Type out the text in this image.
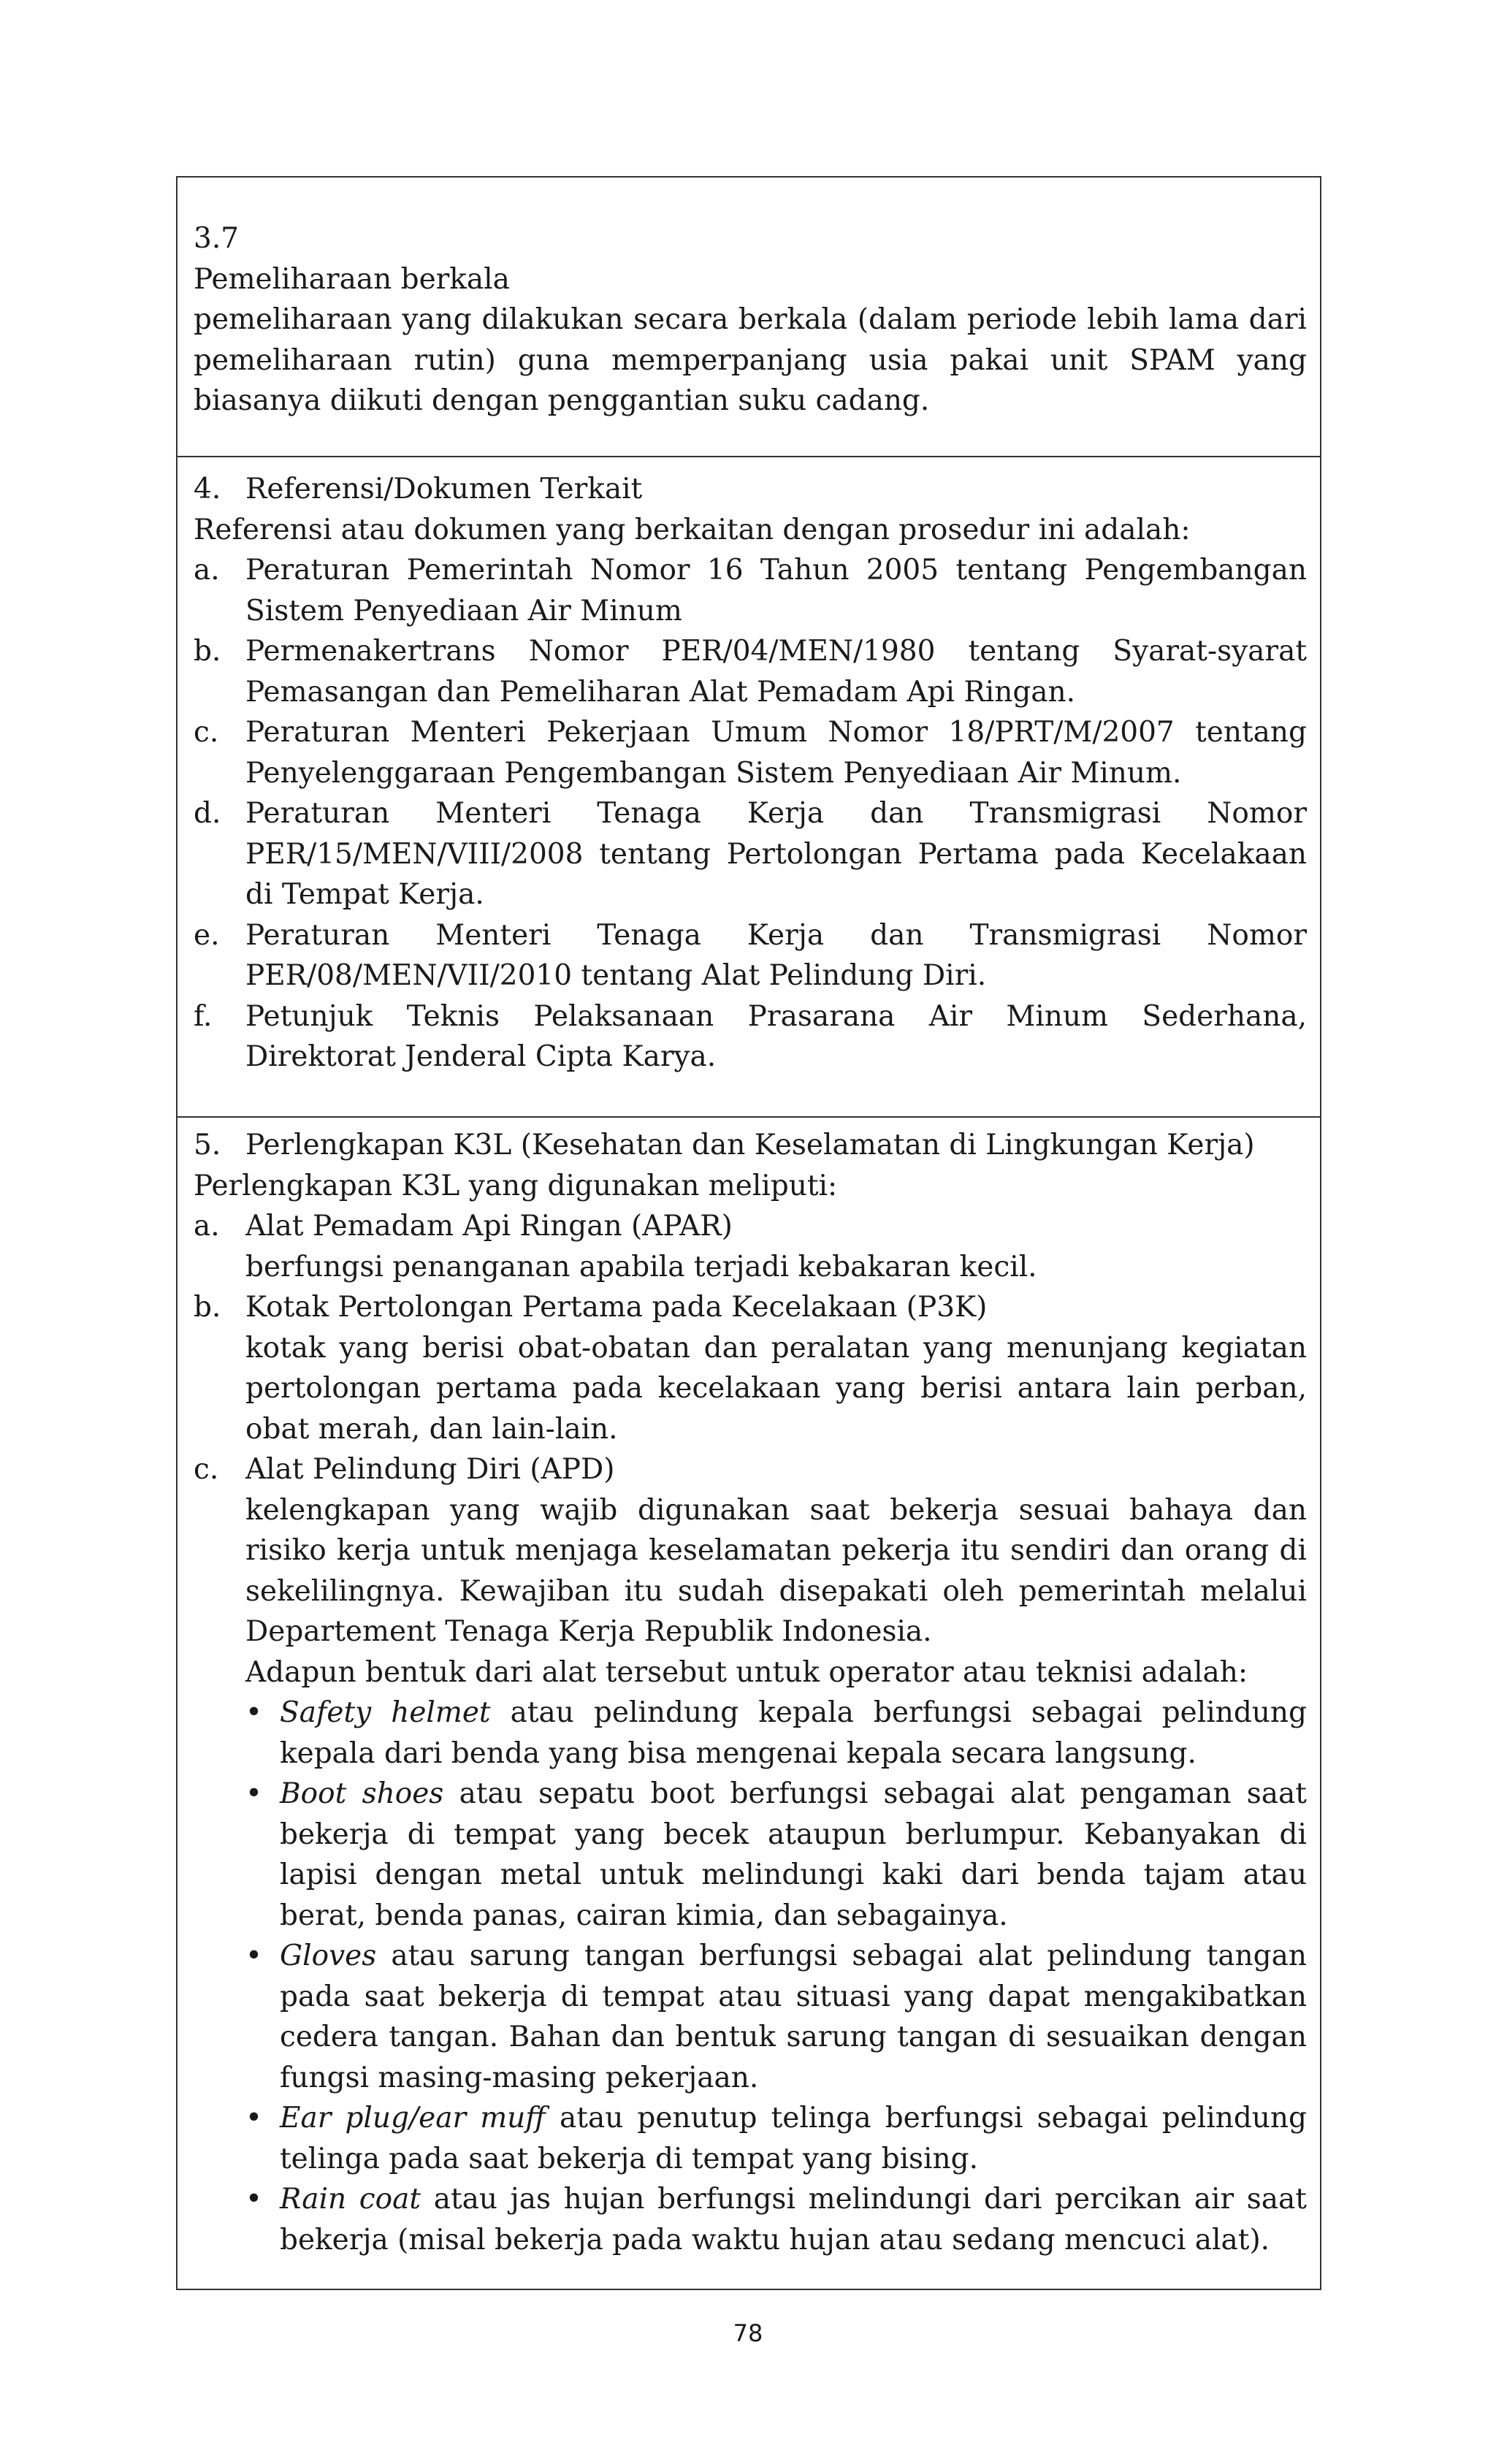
3.7

Pemeliharaan berkala

pemeliharaan yang dilakukan secara berkala (dalam periode lebih lama dari pemeliharaan rutin) guna memperpanjang usia pakai unit SPAM yang biasanya diikuti dengan penggantian suku cadang.

4. Referensi/Dokumen Terkait

Referensi atau dokumen yang berkaitan dengan prosedur ini adalah:

a. Peraturan Pemerintah Nomor 16 Tahun 2005 tentang Pengembangan Sistem Penyediaan Air Minum
b. Permenakertrans Nomor PER/04/MEN/1980 tentang Syarat-syarat Pemasangan dan Pemeliharan Alat Pemadam Api Ringan.
c. Peraturan Menteri Pekerjaan Umum Nomor 18/PRT/M/2007 tentang Penyelenggaraan Pengembangan Sistem Penyediaan Air Minum.
d. Peraturan Menteri Tenaga Kerja dan Transmigrasi Nomor PER/15/MEN/VIII/2008 tentang Pertolongan Pertama pada Kecelakaan di Tempat Kerja.
e. Peraturan Menteri Tenaga Kerja dan Transmigrasi Nomor PER/08/MEN/VII/2010 tentang Alat Pelindung Diri.
f.	Petunjuk Teknis Pelaksanaan Prasarana Air Minum Sederhana, Direktorat Jenderal Cipta Karya.
5. Perlengkapan K3L (Kesehatan dan Keselamatan di Lingkungan Kerja)

Perlengkapan K3L yang digunakan meliputi:

a. Alat Pemadam Api Ringan (APAR)

berfungsi penanganan apabila terjadi kebakaran kecil.

b. Kotak Pertolongan Pertama pada Kecelakaan (P3K)

kotak yang berisi obat-obatan dan peralatan yang menunjang kegiatan pertolongan pertama pada kecelakaan yang berisi antara lain perban, obat merah, dan lain-lain.

c. Alat Pelindung Diri (APD)

kelengkapan yang wajib digunakan saat bekerja sesuai bahaya dan risiko kerja untuk menjaga keselamatan pekerja itu sendiri dan orang di sekelilingnya. Kewajiban itu sudah disepakati oleh pemerintah melalui Departement Tenaga Kerja Republik Indonesia.

Adapun bentuk dari alat tersebut untuk operator atau teknisi adalah:

• Safety helmet atau pelindung kepala berfungsi sebagai pelindung kepala dari benda yang bisa mengenai kepala secara langsung.
• Boot shoes atau sepatu boot berfungsi sebagai alat pengaman saat bekerja di tempat yang becek ataupun berlumpur. Kebanyakan di lapisi dengan metal untuk melindungi kaki dari benda tajam atau berat, benda panas, cairan kimia, dan sebagainya.
• Gloves atau sarung tangan berfungsi sebagai alat pelindung tangan pada saat bekerja di tempat atau situasi yang dapat mengakibatkan cedera tangan. Bahan dan bentuk sarung tangan di sesuaikan dengan fungsi masing-masing pekerjaan.
• Ear plug/ear muff atau penutup telinga berfungsi sebagai pelindung telinga pada saat bekerja di tempat yang bising.
• Rain coat atau jas hujan berfungsi melindungi dari percikan air saat bekerja (misal bekerja pada waktu hujan atau sedang mencuci alat).
78
